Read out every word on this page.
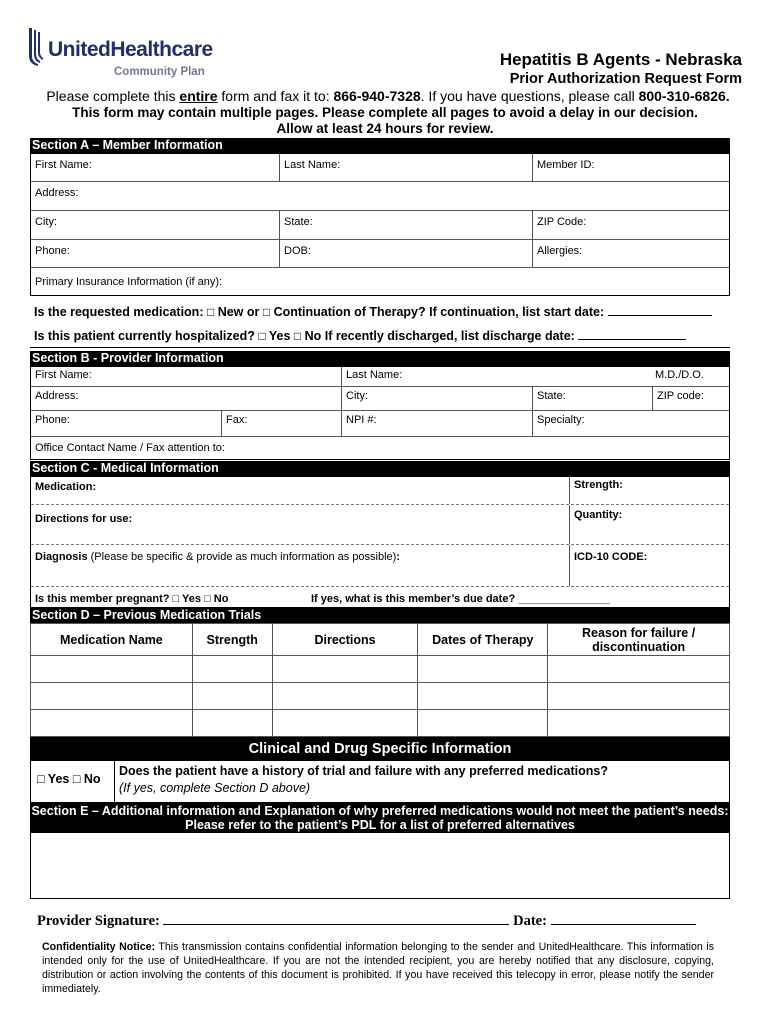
UnitedHealthcare
Community Plan
Hepatitis B Agents - Nebraska
Prior Authorization Request Form
Please complete this entire form and fax it to: 866-940-7328. If you have questions, please call 800-310-6826.
This form may contain multiple pages. Please complete all pages to avoid a delay in our decision.
Allow at least 24 hours for review.
Section A – Member Information
First Name:	Last Name:	Member ID:
Address:
City:	State:	ZIP Code:
Phone:	DOB:	Allergies:
Primary Insurance Information (if any):
Is the requested medication: □ New or □ Continuation of Therapy? If continuation, list start date:
Is this patient currently hospitalized? □ Yes □ No If recently discharged, list discharge date:
Section B - Provider Information
First Name:	Last Name:	M.D./D.O.
Address:	City:	State:	ZIP code:
Phone:	Fax:	NPI #:	Specialty:
Office Contact Name / Fax attention to:
Section C - Medical Information
Medication:	Strength:
Directions for use:	Quantity:
Diagnosis (Please be specific & provide as much information as possible):	ICD-10 CODE:
Is this member pregnant? □ Yes □ No	If yes, what is this member’s due date? _______________
Section D – Previous Medication Trials
Medication Name	Strength	Directions	Dates of Therapy	Reason for failure / discontinuation

Clinical and Drug Specific Information
□ Yes □ No
Does the patient have a history of trial and failure with any preferred medications?
(If yes, complete Section D above)
Section E – Additional information and Explanation of why preferred medications would not meet the patient’s needs:
Please refer to the patient’s PDL for a list of preferred alternatives
Provider Signature:	Date:
Confidentiality Notice: This transmission contains confidential information belonging to the sender and UnitedHealthcare. This information is intended only for the use of UnitedHealthcare. If you are not the intended recipient, you are hereby notified that any disclosure, copying, distribution or action involving the contents of this document is prohibited. If you have received this telecopy in error, please notify the sender immediately.
